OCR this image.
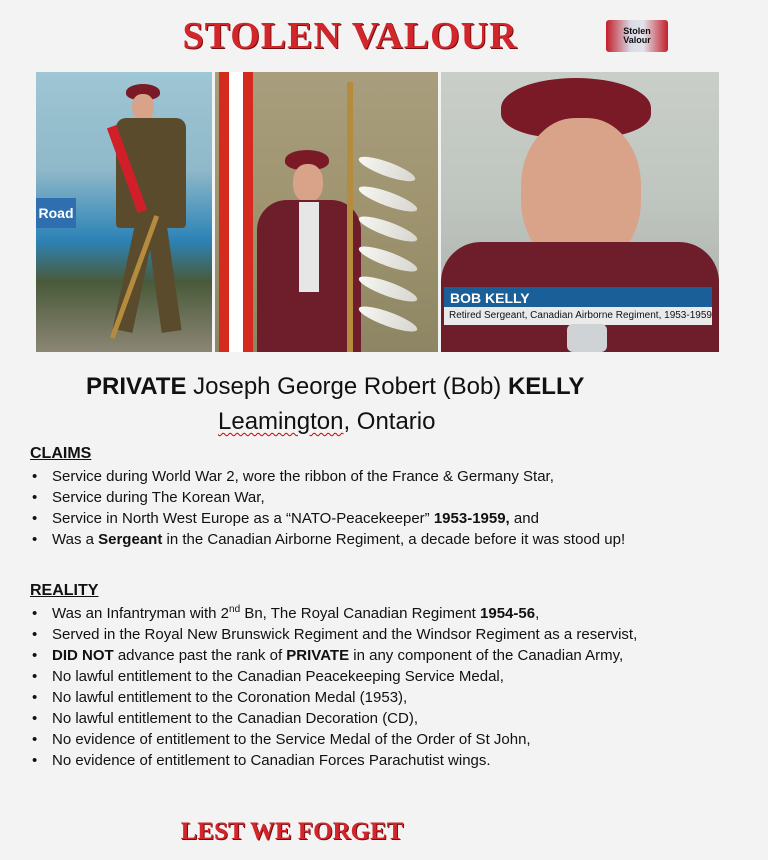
STOLEN VALOUR	Stolen
Valour
Road
BOB KELLY
Retired Sergeant, Canadian Airborne Regiment, 1953-1959
PRIVATE Joseph George Robert (Bob) KELLY
Leamington, Ontario
CLAIMS
• Service during World War 2, wore the ribbon of the France & Germany Star,
• Service during The Korean War,
• Service in North West Europe as a “NATO-Peacekeeper” 1953-1959, and
• Was a Sergeant in the Canadian Airborne Regiment, a decade before it was stood up!
REALITY
• Was an Infantryman with 2nd Bn, The Royal Canadian Regiment 1954-56,
• Served in the Royal New Brunswick Regiment and the Windsor Regiment as a reservist,
• DID NOT advance past the rank of PRIVATE in any component of the Canadian Army,
• No lawful entitlement to the Canadian Peacekeeping Service Medal,
• No lawful entitlement to the Coronation Medal (1953),
• No lawful entitlement to the Canadian Decoration (CD),
• No evidence of entitlement to the Service Medal of the Order of St John,
• No evidence of entitlement to Canadian Forces Parachutist wings.
LEST WE FORGET
